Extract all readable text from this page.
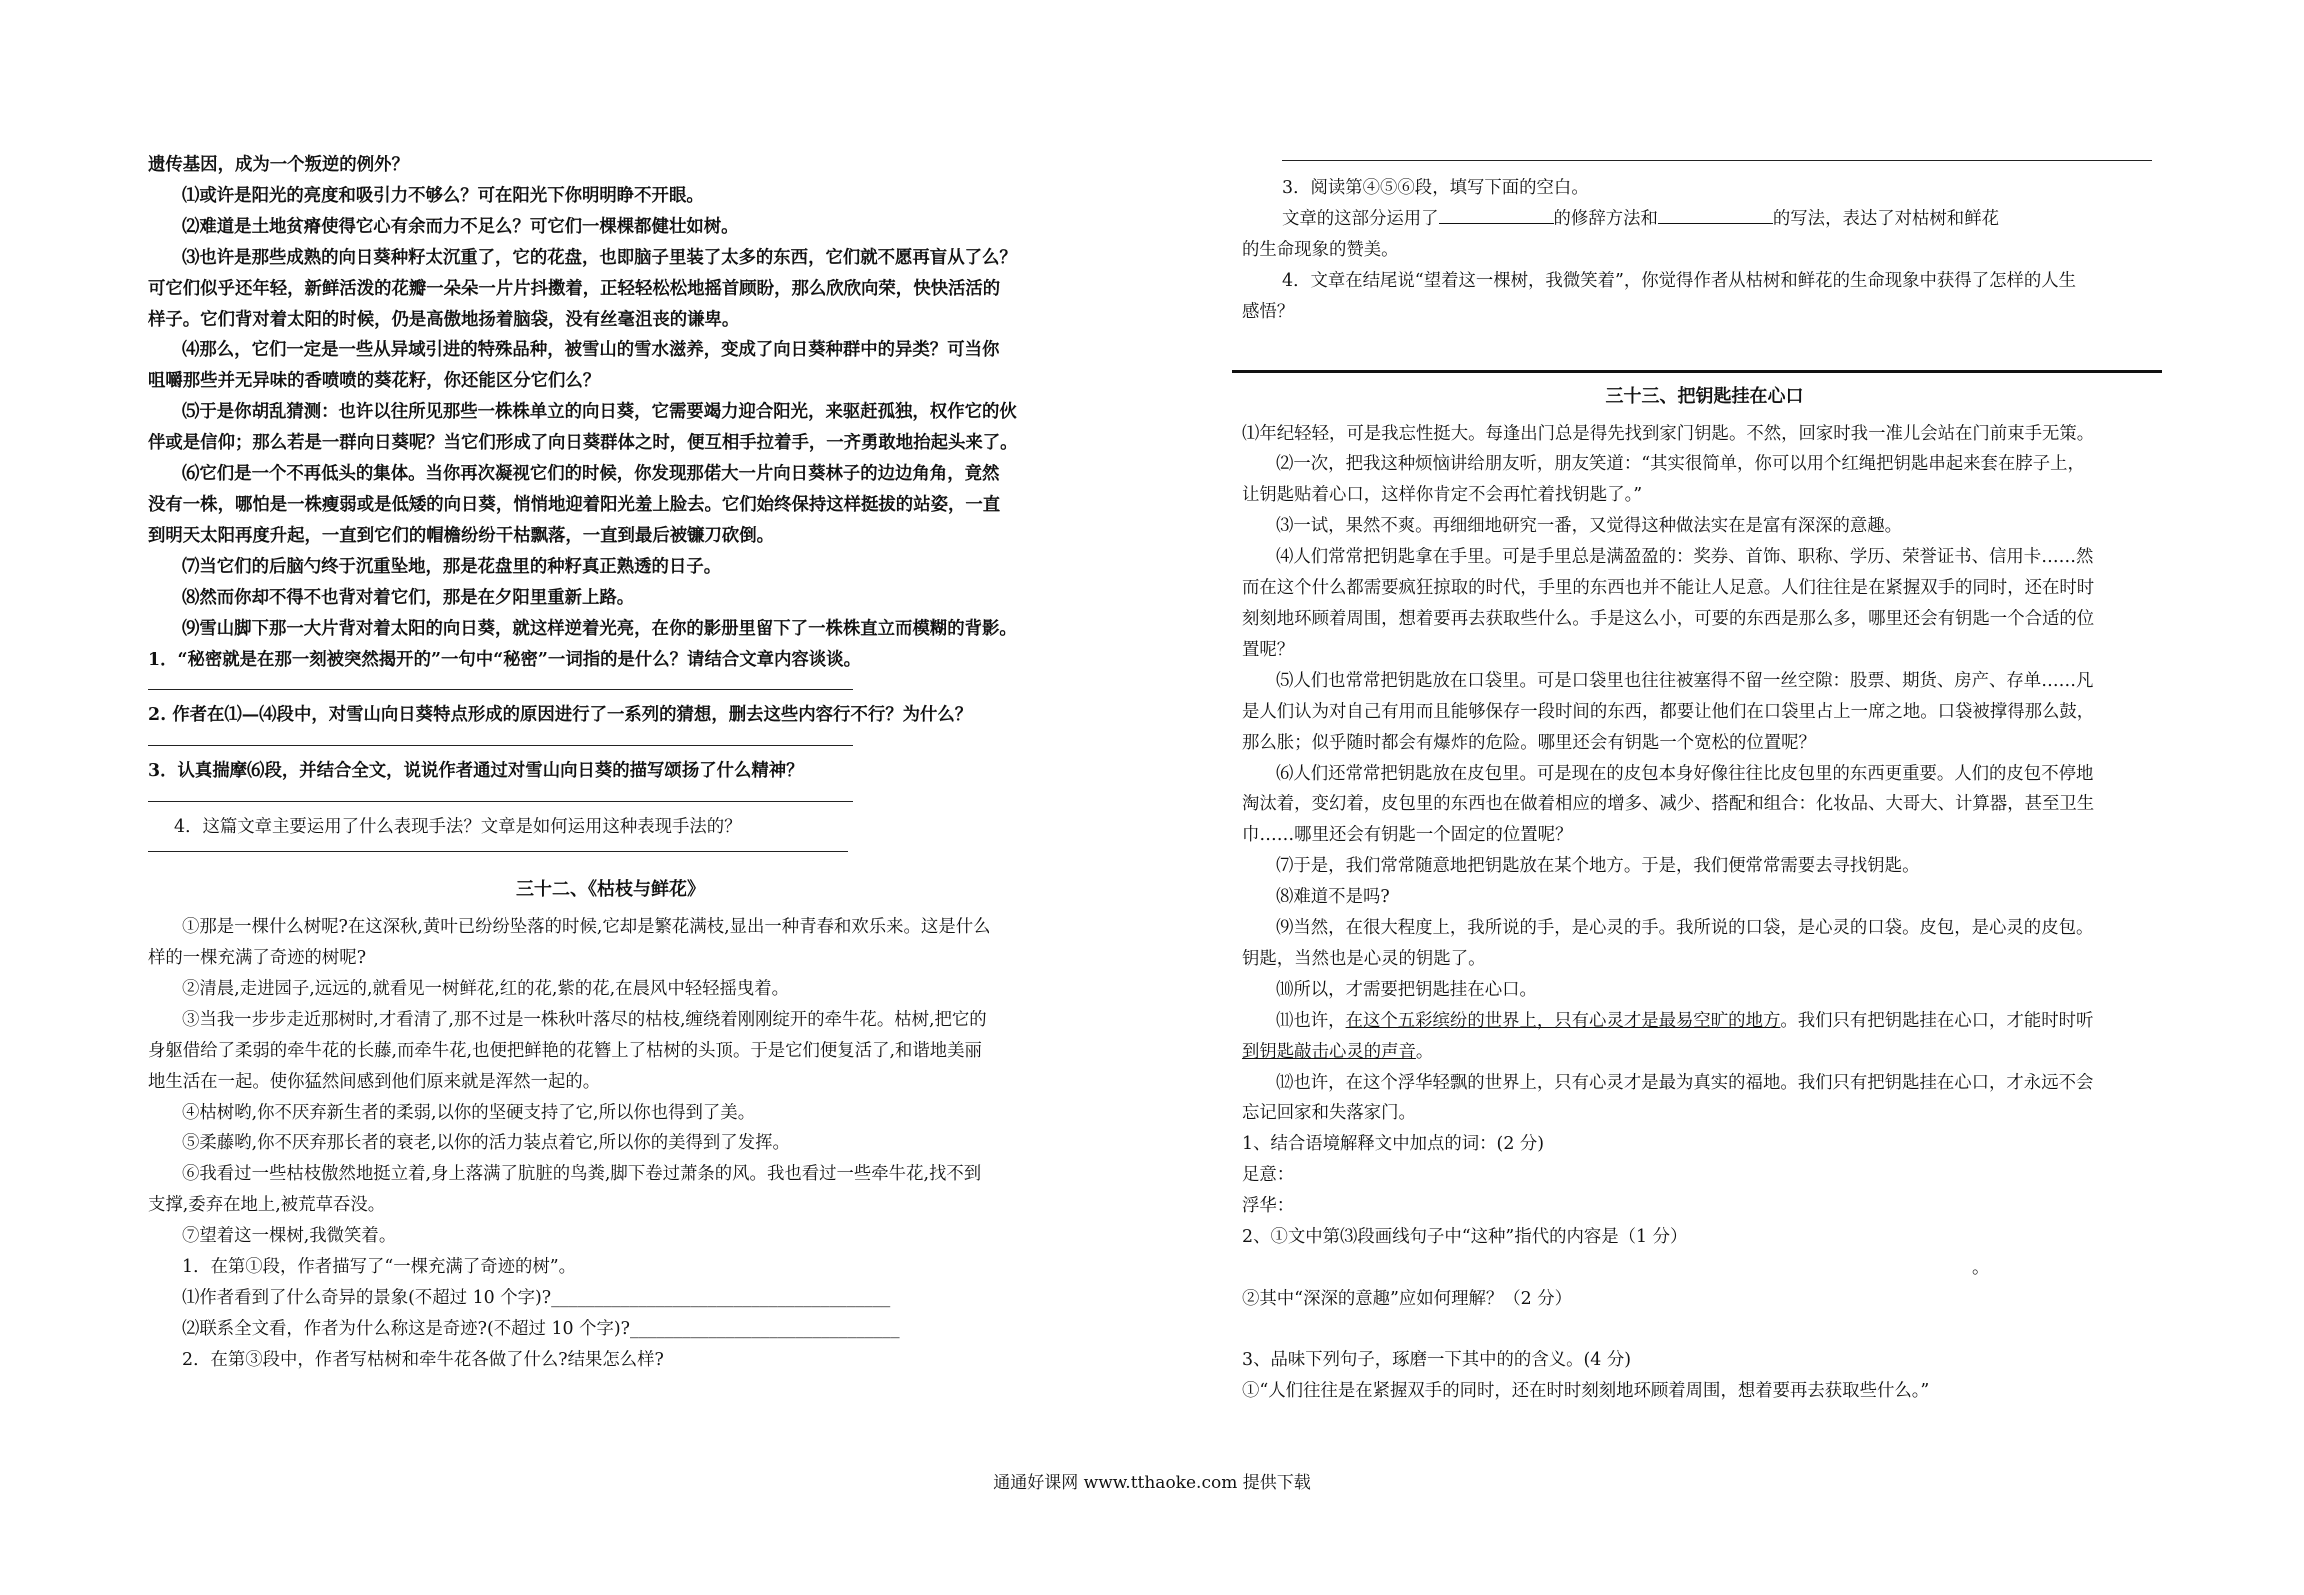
遗传基因，成为一个叛逆的例外？

⑴或许是阳光的亮度和吸引力不够么？可在阳光下你明明睁不开眼。

⑵难道是土地贫瘠使得它心有余而力不足么？可它们一棵棵都健壮如树。

⑶也许是那些成熟的向日葵种籽太沉重了，它的花盘，也即脑子里装了太多的东西，它们就不愿再盲从了么？

可它们似乎还年轻，新鲜活泼的花瓣一朵朵一片片抖擞着，正轻轻松松地摇首顾盼，那么欣欣向荣，快快活活的

样子。它们背对着太阳的时候，仍是高傲地扬着脑袋，没有丝毫沮丧的谦卑。

⑷那么，它们一定是一些从异域引进的特殊品种，被雪山的雪水滋养，变成了向日葵种群中的异类？可当你

咀嚼那些并无异味的香喷喷的葵花籽，你还能区分它们么？

⑸于是你胡乱猜测：也许以往所见那些一株株单立的向日葵，它需要竭力迎合阳光，来驱赶孤独，权作它的伙

伴或是信仰；那么若是一群向日葵呢？当它们形成了向日葵群体之时，便互相手拉着手，一齐勇敢地抬起头来了。

⑹它们是一个不再低头的集体。当你再次凝视它们的时候，你发现那偌大一片向日葵林子的边边角角，竟然

没有一株，哪怕是一株瘦弱或是低矮的向日葵，悄悄地迎着阳光羞上脸去。它们始终保持这样挺拔的站姿，一直

到明天太阳再度升起，一直到它们的帽檐纷纷干枯飘落，一直到最后被镰刀砍倒。

⑺当它们的后脑勺终于沉重坠地，那是花盘里的种籽真正熟透的日子。

⑻然而你却不得不也背对着它们，那是在夕阳里重新上路。

⑼雪山脚下那一大片背对着太阳的向日葵，就这样逆着光亮，在你的影册里留下了一株株直立而模糊的背影。

1．“秘密就是在那一刻被突然揭开的”一句中“秘密”一词指的是什么？请结合文章内容谈谈。

2. 作者在⑴—⑷段中，对雪山向日葵特点形成的原因进行了一系列的猜想，删去这些内容行不行？为什么？

3．认真揣摩⑹段，并结合全文，说说作者通过对雪山向日葵的描写颂扬了什么精神？

4．这篇文章主要运用了什么表现手法？文章是如何运用这种表现手法的？

三十二、《枯枝与鲜花》

①那是一棵什么树呢?在这深秋,黄叶已纷纷坠落的时候,它却是繁花满枝,显出一种青春和欢乐来。这是什么

样的一棵充满了奇迹的树呢?

②清晨,走进园子,远远的,就看见一树鲜花,红的花,紫的花,在晨风中轻轻摇曳着。

③当我一步步走近那树时,才看清了,那不过是一株秋叶落尽的枯枝,缠绕着刚刚绽开的牵牛花。枯树,把它的

身躯借给了柔弱的牵牛花的长藤,而牵牛花,也便把鲜艳的花簪上了枯树的头顶。于是它们便复活了,和谐地美丽

地生活在一起。使你猛然间感到他们原来就是浑然一起的。

④枯树哟,你不厌弃新生者的柔弱,以你的坚硬支持了它,所以你也得到了美。

⑤柔藤哟,你不厌弃那长者的衰老,以你的活力装点着它,所以你的美得到了发挥。

⑥我看过一些枯枝傲然地挺立着,身上落满了肮脏的鸟粪,脚下卷过萧条的风。我也看过一些牵牛花,找不到

支撑,委弃在地上,被荒草吞没。

⑦望着这一棵树,我微笑着。

1．在第①段，作者描写了“一棵充满了奇迹的树”。

⑴作者看到了什么奇异的景象(不超过 10 个字)?_______________________________________

⑵联系全文看，作者为什么称这是奇迹?(不超过 10 个字)?_______________________________

2．在第③段中，作者写枯树和牵牛花各做了什么?结果怎么样?

3．阅读第④⑤⑥段，填写下面的空白。

文章的这部分运用了	的修辞方法和	的写法，表达了对枯树和鲜花

的生命现象的赞美。

4．文章在结尾说“望着这一棵树，我微笑着”，你觉得作者从枯树和鲜花的生命现象中获得了怎样的人生

感悟？

三十三、把钥匙挂在心口

⑴年纪轻轻，可是我忘性挺大。每逢出门总是得先找到家门钥匙。不然，回家时我一准儿会站在门前束手无策。

⑵一次，把我这种烦恼讲给朋友听，朋友笑道：“其实很简单，你可以用个红绳把钥匙串起来套在脖子上，

让钥匙贴着心口，这样你肯定不会再忙着找钥匙了。”

⑶一试，果然不爽。再细细地研究一番，又觉得这种做法实在是富有深深的意趣。

⑷人们常常把钥匙拿在手里。可是手里总是满盈盈的：奖券、首饰、职称、学历、荣誉证书、信用卡……然

而在这个什么都需要疯狂掠取的时代，手里的东西也并不能让人足意。人们往往是在紧握双手的同时，还在时时

刻刻地环顾着周围，想着要再去获取些什么。手是这么小，可要的东西是那么多，哪里还会有钥匙一个合适的位

置呢？

⑸人们也常常把钥匙放在口袋里。可是口袋里也往往被塞得不留一丝空隙：股票、期货、房产、存单……凡

是人们认为对自己有用而且能够保存一段时间的东西，都要让他们在口袋里占上一席之地。口袋被撑得那么鼓，

那么胀；似乎随时都会有爆炸的危险。哪里还会有钥匙一个宽松的位置呢？

⑹人们还常常把钥匙放在皮包里。可是现在的皮包本身好像往往比皮包里的东西更重要。人们的皮包不停地

淘汰着，变幻着，皮包里的东西也在做着相应的增多、减少、搭配和组合：化妆品、大哥大、计算器，甚至卫生

巾……哪里还会有钥匙一个固定的位置呢？

⑺于是，我们常常随意地把钥匙放在某个地方。于是，我们便常常需要去寻找钥匙。

⑻难道不是吗?

⑼当然，在很大程度上，我所说的手，是心灵的手。我所说的口袋，是心灵的口袋。皮包，是心灵的皮包。

钥匙，当然也是心灵的钥匙了。

⑽所以，才需要把钥匙挂在心口。

⑾也许，在这个五彩缤纷的世界上，只有心灵才是最易空旷的地方。我们只有把钥匙挂在心口，才能时时听

到钥匙敲击心灵的声音。

⑿也许，在这个浮华轻飘的世界上，只有心灵才是最为真实的福地。我们只有把钥匙挂在心口，才永远不会

忘记回家和失落家门。

1、结合语境解释文中加点的词：(2 分)

足意：

浮华：

2、①文中第⑶段画线句子中“这种”指代的内容是（1 分）

。

②其中“深深的意趣”应如何理解？（2 分）

3、品味下列句子，琢磨一下其中的的含义。(4 分)

①“人们往往是在紧握双手的同时，还在时时刻刻地环顾着周围，想着要再去获取些什么。”

通通好课网 www.tthaoke.com 提供下载
